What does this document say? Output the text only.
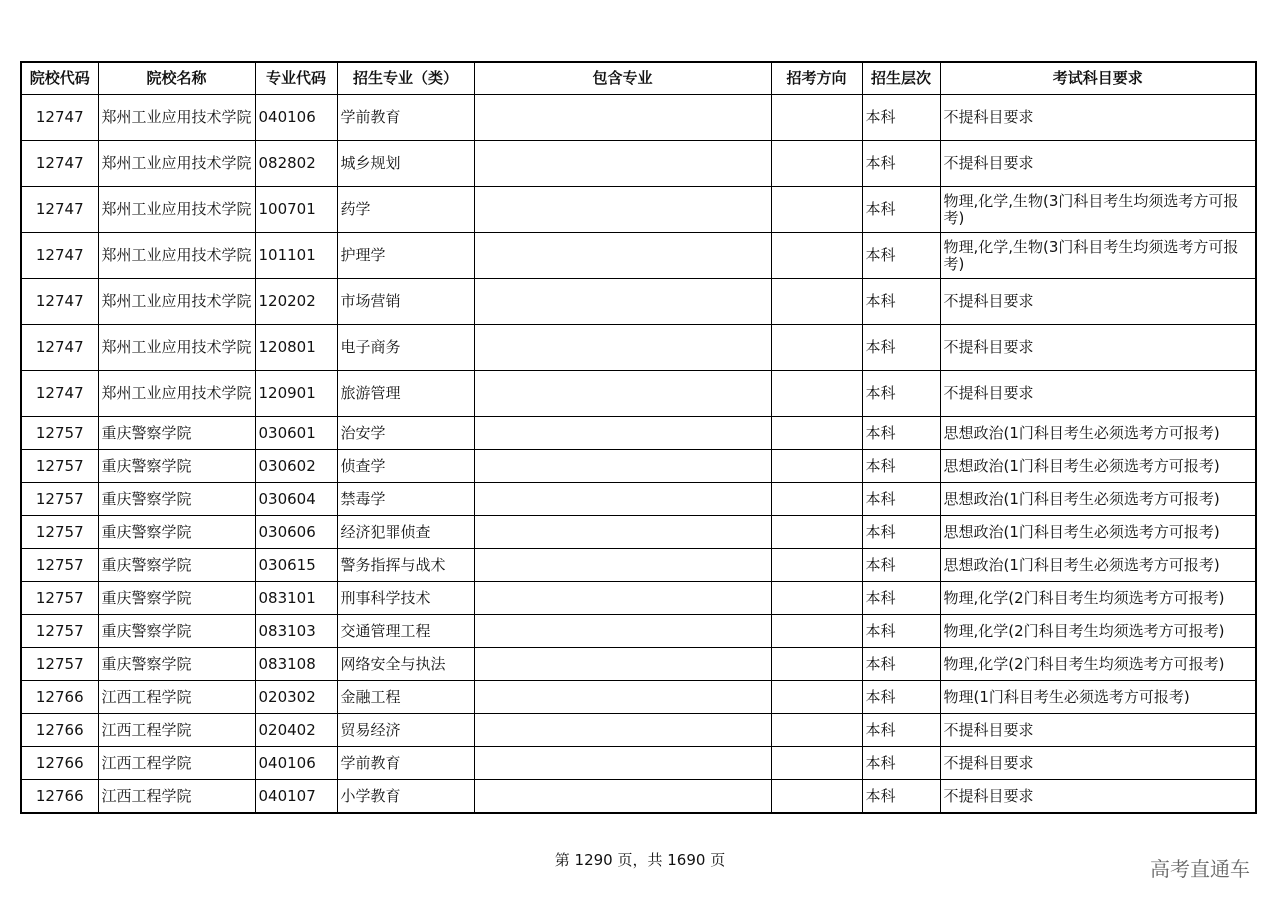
院校代码	院校名称	专业代码	招生专业（类）	包含专业	招考方向	招生层次	考试科目要求
12747	郑州工业应用技术学院	040106	学前教育			本科	不提科目要求
12747	郑州工业应用技术学院	082802	城乡规划			本科	不提科目要求
12747	郑州工业应用技术学院	100701	药学			本科	物理,化学,生物(3门科目考生均须选考方可报考)
12747	郑州工业应用技术学院	101101	护理学			本科	物理,化学,生物(3门科目考生均须选考方可报考)
12747	郑州工业应用技术学院	120202	市场营销			本科	不提科目要求
12747	郑州工业应用技术学院	120801	电子商务			本科	不提科目要求
12747	郑州工业应用技术学院	120901	旅游管理			本科	不提科目要求
12757	重庆警察学院	030601	治安学			本科	思想政治(1门科目考生必须选考方可报考)
12757	重庆警察学院	030602	侦查学			本科	思想政治(1门科目考生必须选考方可报考)
12757	重庆警察学院	030604	禁毒学			本科	思想政治(1门科目考生必须选考方可报考)
12757	重庆警察学院	030606	经济犯罪侦查			本科	思想政治(1门科目考生必须选考方可报考)
12757	重庆警察学院	030615	警务指挥与战术			本科	思想政治(1门科目考生必须选考方可报考)
12757	重庆警察学院	083101	刑事科学技术			本科	物理,化学(2门科目考生均须选考方可报考)
12757	重庆警察学院	083103	交通管理工程			本科	物理,化学(2门科目考生均须选考方可报考)
12757	重庆警察学院	083108	网络安全与执法			本科	物理,化学(2门科目考生均须选考方可报考)
12766	江西工程学院	020302	金融工程			本科	物理(1门科目考生必须选考方可报考)
12766	江西工程学院	020402	贸易经济			本科	不提科目要求
12766	江西工程学院	040106	学前教育			本科	不提科目要求
12766	江西工程学院	040107	小学教育			本科	不提科目要求
第 1290 页，共 1690 页	高考直通车
